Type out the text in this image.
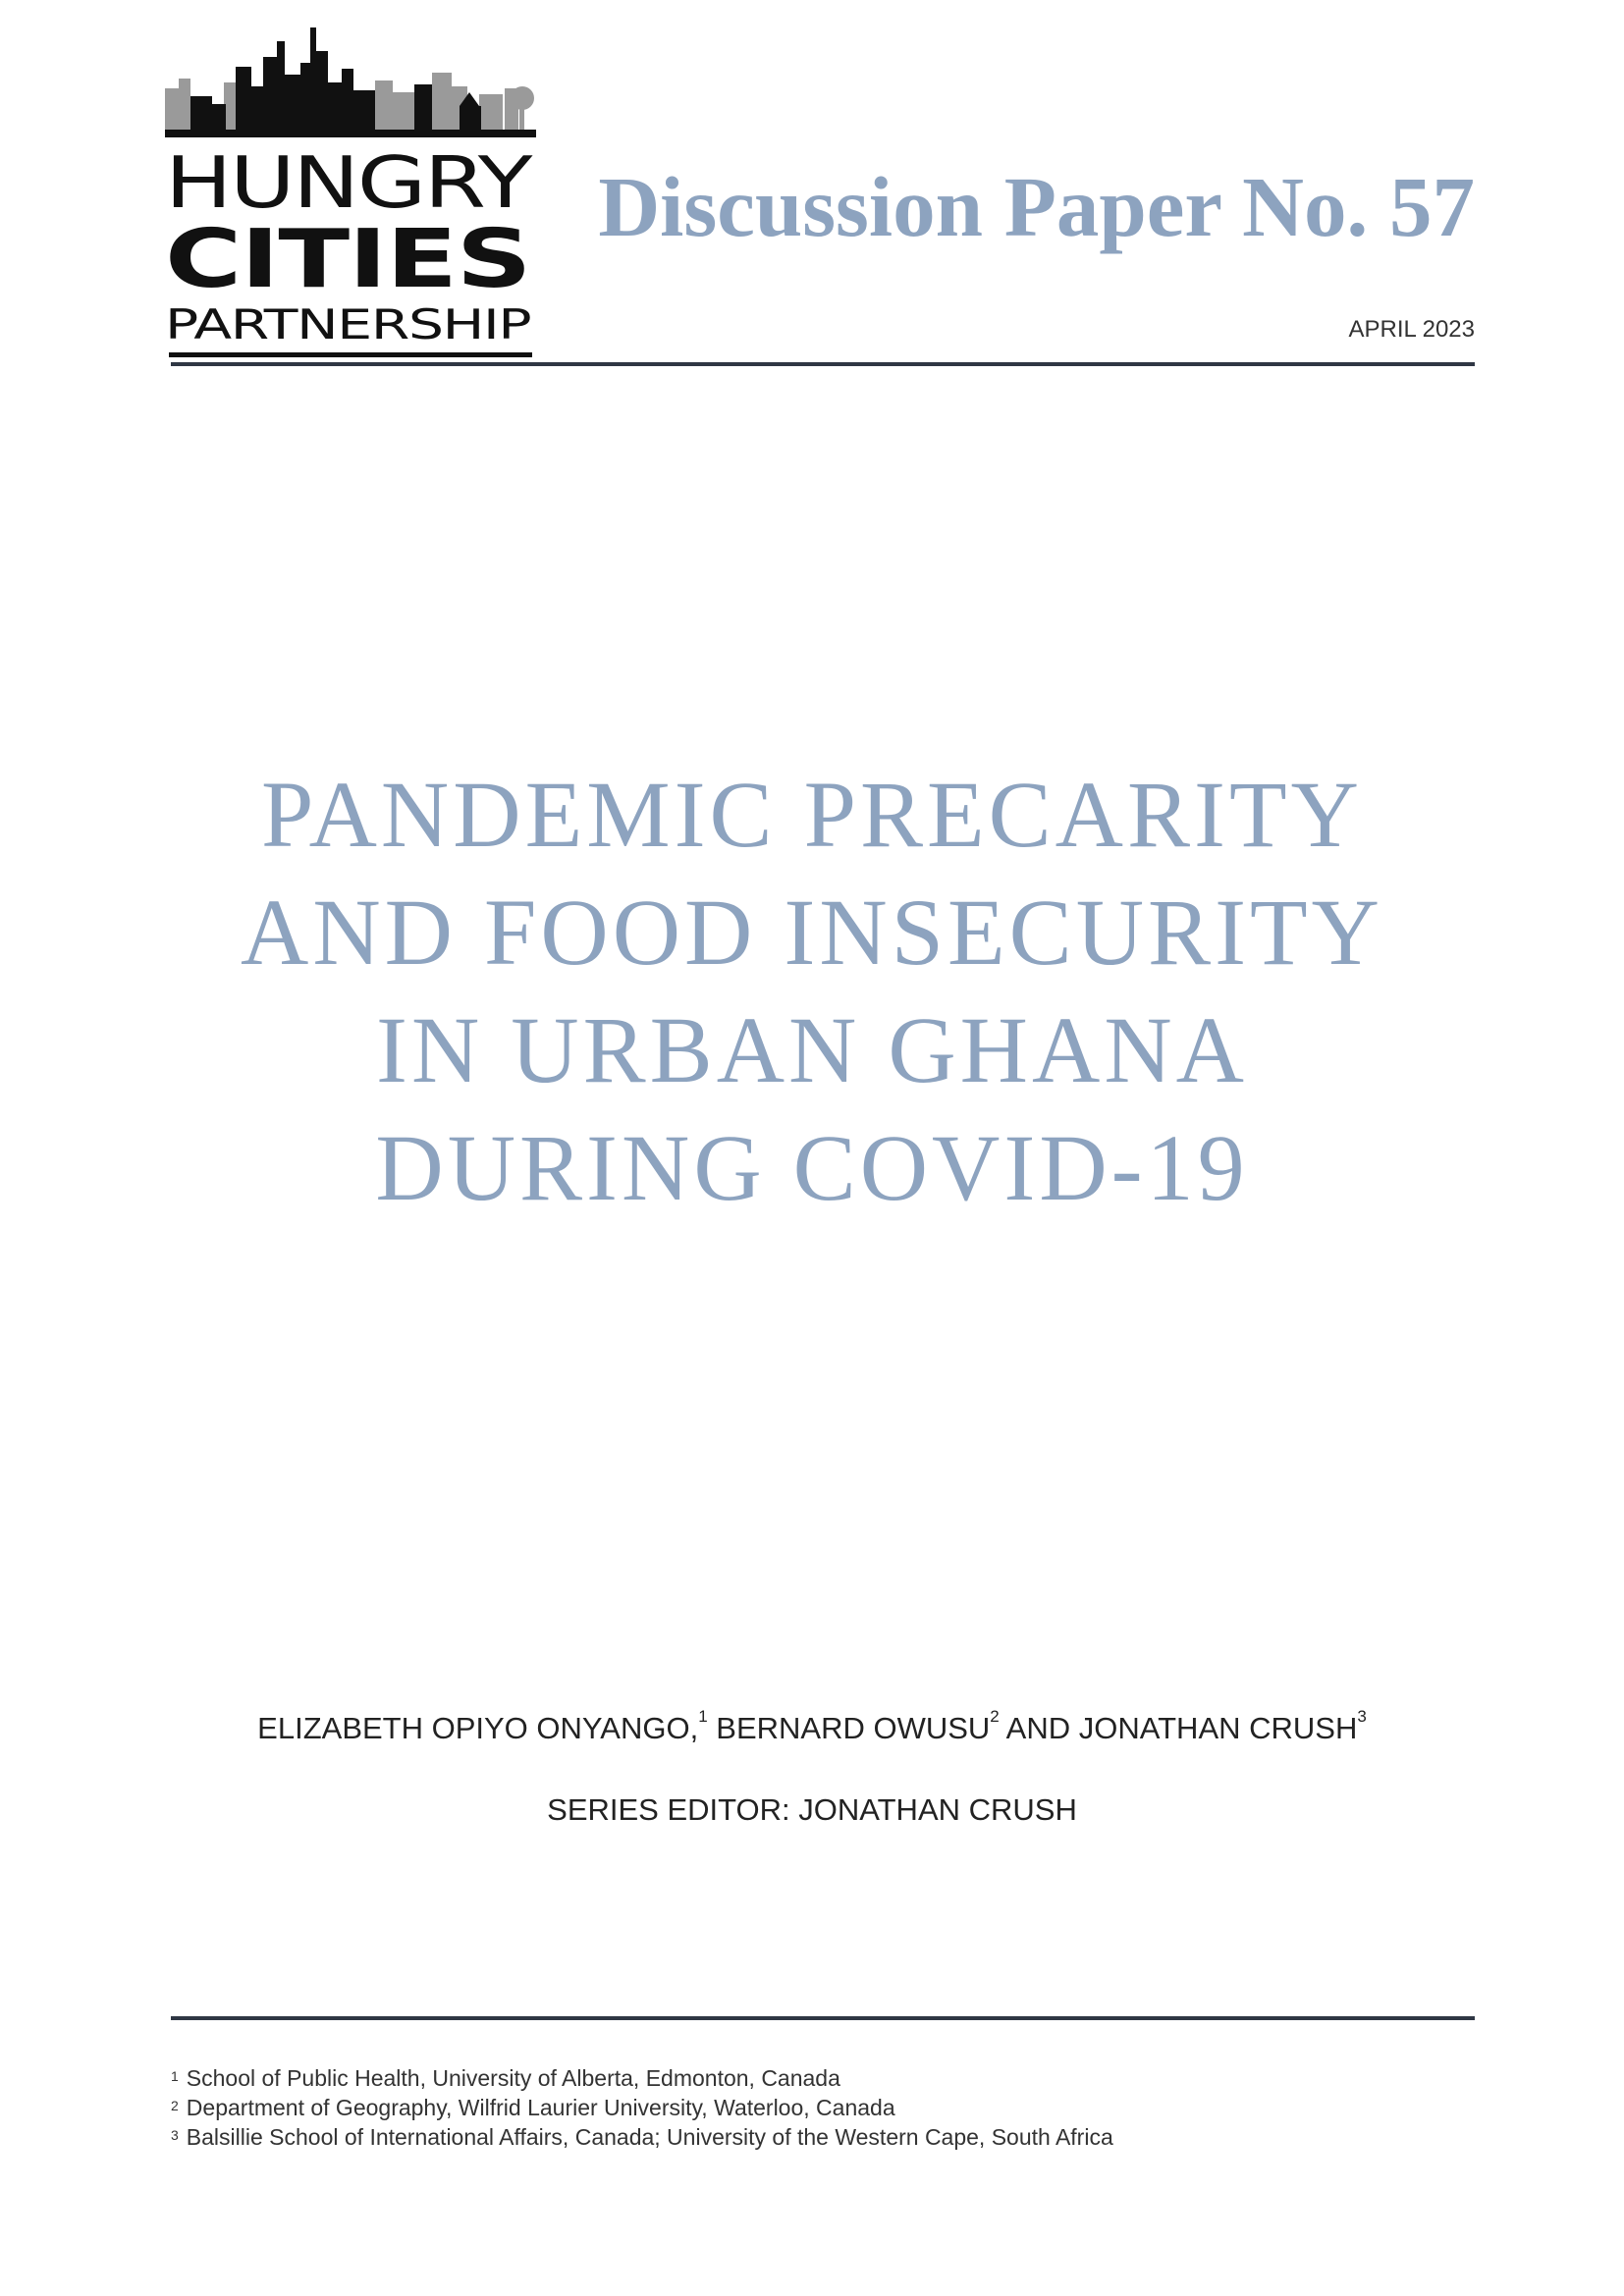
HUNGRY
CITIES
PARTNERSHIP
Discussion Paper No. 57
APRIL 2023
PANDEMIC PRECARITY
AND FOOD INSECURITY
IN URBAN GHANA
DURING COVID-19
ELIZABETH OPIYO ONYANGO,$^1$ BERNARD OWUSU$^2$ AND JONATHAN CRUSH$^3$
SERIES EDITOR: JONATHAN CRUSH
$^1$ School of Public Health, University of Alberta, Edmonton, Canada
$^2$ Department of Geography, Wilfrid Laurier University, Waterloo, Canada
$^3$ Balsillie School of International Affairs, Canada; University of the Western Cape, South Africa
